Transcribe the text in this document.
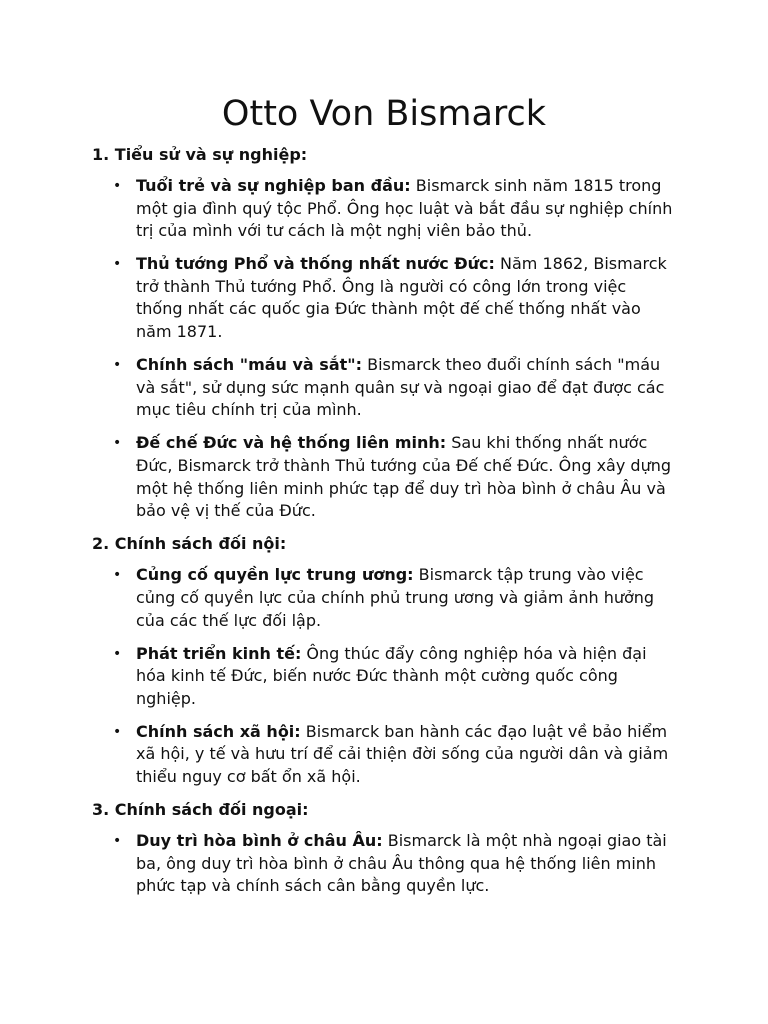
Otto Von Bismarck
1. Tiểu sử và sự nghiệp:
• Tuổi trẻ và sự nghiệp ban đầu: Bismarck sinh năm 1815 trong một gia đình quý tộc Phổ. Ông học luật và bắt đầu sự nghiệp chính trị của mình với tư cách là một nghị viên bảo thủ.
• Thủ tướng Phổ và thống nhất nước Đức: Năm 1862, Bismarck trở thành Thủ tướng Phổ. Ông là người có công lớn trong việc thống nhất các quốc gia Đức thành một đế chế thống nhất vào năm 1871.
• Chính sách "máu và sắt": Bismarck theo đuổi chính sách "máu và sắt", sử dụng sức mạnh quân sự và ngoại giao để đạt được các mục tiêu chính trị của mình.
• Đế chế Đức và hệ thống liên minh: Sau khi thống nhất nước Đức, Bismarck trở thành Thủ tướng của Đế chế Đức. Ông xây dựng một hệ thống liên minh phức tạp để duy trì hòa bình ở châu Âu và bảo vệ vị thế của Đức.
2. Chính sách đối nội:
• Củng cố quyền lực trung ương: Bismarck tập trung vào việc củng cố quyền lực của chính phủ trung ương và giảm ảnh hưởng của các thế lực đối lập.
• Phát triển kinh tế: Ông thúc đẩy công nghiệp hóa và hiện đại hóa kinh tế Đức, biến nước Đức thành một cường quốc công nghiệp.
• Chính sách xã hội: Bismarck ban hành các đạo luật về bảo hiểm xã hội, y tế và hưu trí để cải thiện đời sống của người dân và giảm thiểu nguy cơ bất ổn xã hội.
3. Chính sách đối ngoại:
• Duy trì hòa bình ở châu Âu: Bismarck là một nhà ngoại giao tài ba, ông duy trì hòa bình ở châu Âu thông qua hệ thống liên minh phức tạp và chính sách cân bằng quyền lực.
